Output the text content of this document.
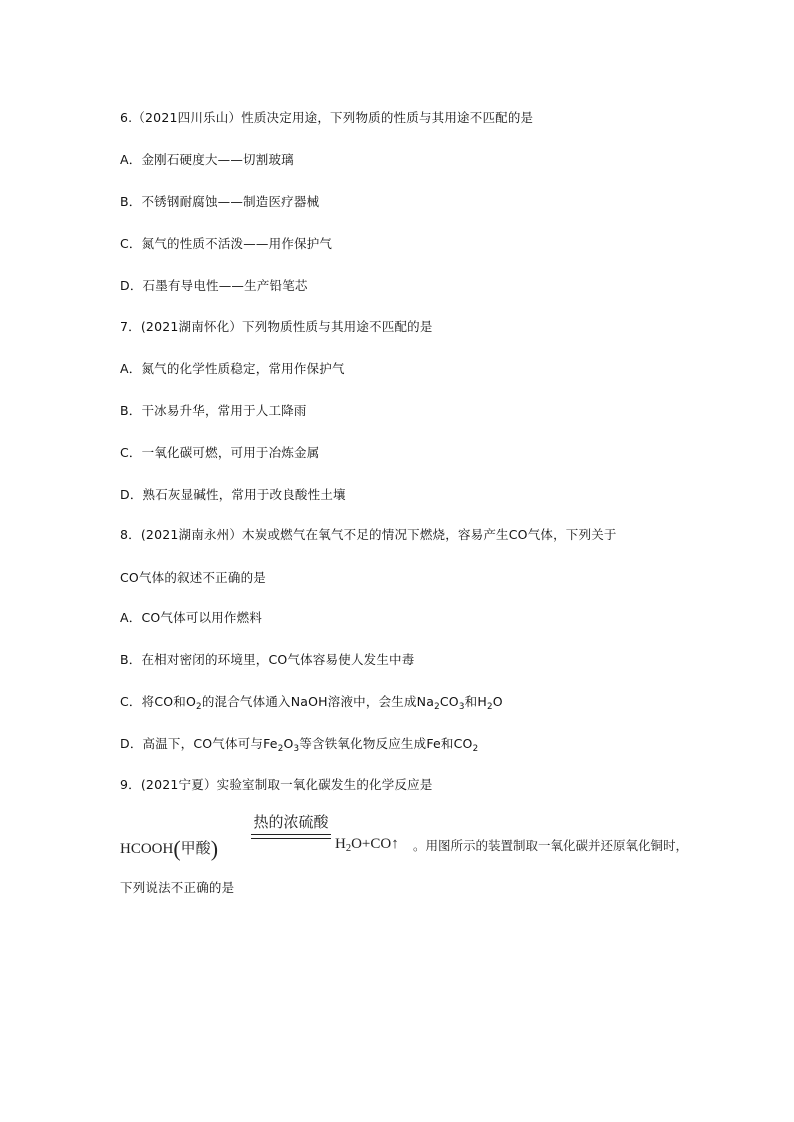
6.（2021四川乐山）性质决定用途，下列物质的性质与其用途不匹配的是
A．金刚石硬度大——切割玻璃
B．不锈钢耐腐蚀——制造医疗器械
C．氮气的性质不活泼——用作保护气
D．石墨有导电性——生产铅笔芯
7．(2021湖南怀化）下列物质性质与其用途不匹配的是
A．氮气的化学性质稳定，常用作保护气
B．干冰易升华，常用于人工降雨
C．一氧化碳可燃，可用于冶炼金属
D．熟石灰显碱性，常用于改良酸性土壤
8．(2021湖南永州）木炭或燃气在氧气不足的情况下燃烧，容易产生CO气体，下列关于
CO气体的叙述不正确的是
A．CO气体可以用作燃料
B．在相对密闭的环境里，CO气体容易使人发生中毒
C．将CO和$O_2$的混合气体通入NaOH溶液中，会生成$Na_2CO_3$和$H_2O$
D．高温下，CO气体可与$Fe_2O_3$等含铁氧化物反应生成Fe和$CO_2$
9．(2021宁夏）实验室制取一氧化碳发生的化学反应是
HCOOH(甲酸)
热的浓硫酸
$H_2O+CO↑$ 。用图所示的装置制取一氧化碳并还原氧化铜时，
下列说法不正确的是
